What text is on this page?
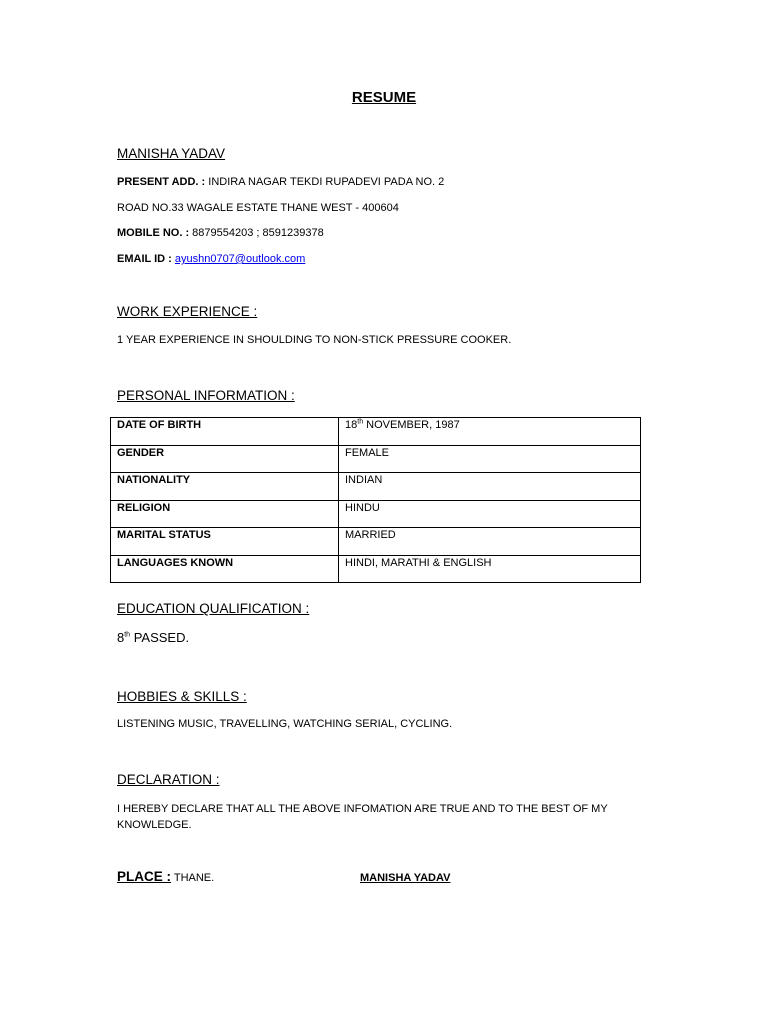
RESUME
MANISHA YADAV
PRESENT ADD. : INDIRA NAGAR TEKDI RUPADEVI PADA NO. 2
ROAD NO.33 WAGALE ESTATE THANE WEST - 400604
MOBILE NO. : 8879554203 ; 8591239378
EMAIL ID : ayushn0707@outlook.com
WORK EXPERIENCE :
1 YEAR EXPERIENCE IN SHOULDING TO NON-STICK PRESSURE COOKER.
PERSONAL INFORMATION :
DATE OF BIRTH	18th NOVEMBER, 1987
GENDER	FEMALE
NATIONALITY	INDIAN
RELIGION	HINDU
MARITAL STATUS	MARRIED
LANGUAGES KNOWN	HINDI, MARATHI & ENGLISH
EDUCATION QUALIFICATION :
8th PASSED.
HOBBIES & SKILLS :
LISTENING MUSIC, TRAVELLING, WATCHING SERIAL, CYCLING.
DECLARATION :
I HEREBY DECLARE THAT ALL THE ABOVE INFOMATION ARE TRUE AND TO THE BEST OF MY KNOWLEDGE.
PLACE : THANE.	MANISHA YADAV
